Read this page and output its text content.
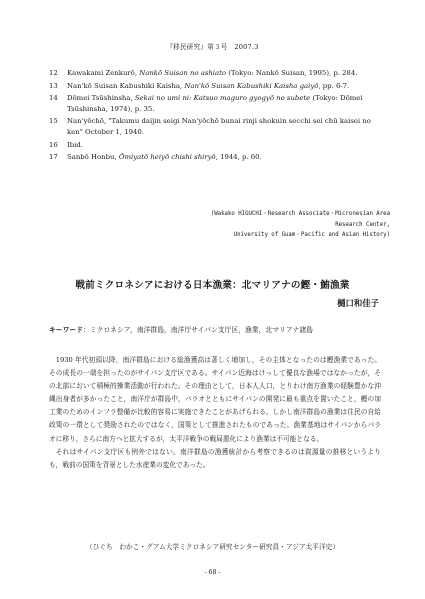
『移民研究』第３号　2007.3
12	Kawakami Zenkurō, Nankō Suisan no ashiato (Tokyo: Nankō Suisan, 1995), p. 284.
13	Nan'kō Suisan Kabushiki Kaisha, Nan'kō Suisan Kabushiki Kaisha gaiyō, pp. 6-7.
14	Dōmei Tsūshinsha, Sekai no umi ni: Katsuo maguro gyogyō no subete (Tokyo: Dōmei Tsūshinsha, 1974), p. 35.
15	Nan'yōchō, "Takumu daijin seigi Nan'yōchō bunai rinji shokuin secchi sei chū kaisei no ken" October 1, 1940.
16	Ibid.
17	Sanbō Honbu, Ōmiyatō heiyō chishi shiryō, 1944, p. 60.
(Wakako HIGUCHI・Research Associate・Micronesian Area Research Center,
University of Guam・Pacific and Asian History)
戦前ミクロネシアにおける日本漁業：北マリアナの鰹・鮪漁業
樋口和佳子
キーワード：ミクロネシア，南洋群島，南洋庁サイパン支庁区，漁業，北マリアナ諸島

1930 年代初頭以降，南洋群島における総漁獲高は著しく増加し，その主体となったのは鰹漁業であった。その成長の一端を担ったのがサイパン支庁区である。サイパン近海はけっして優良な漁場ではなかったが，その北部において積極的操業活動が行われた。その理由として，日本人人口，とりわけ南方漁業の経験豊かな沖縄出身者が多かったこと，南洋庁が群島中，パラオとともにサイパンの開発に最も重点を置いたこと，鰹の加工業のためのインフラ整備が比較的容易に実施できたことがあげられる。しかし南洋群島の漁業は住民の自給政策の一環として奨励されたのではなく，国策として推進されたものであった。漁業基地はサイパンからパラオに移り，さらに南方へと拡大するが，太平洋戦争の戦局悪化により漁業は不可能となる。

それはサイパン支庁区も例外ではない。南洋群島の漁獲統計から考察できるのは資源量の推移というよりも，戦前の国策を背景とした水産業の変化であった。

（ひぐち　わかこ・グアム大学ミクロネシア研究センター研究員・アジア太平洋史）
- 68 -
